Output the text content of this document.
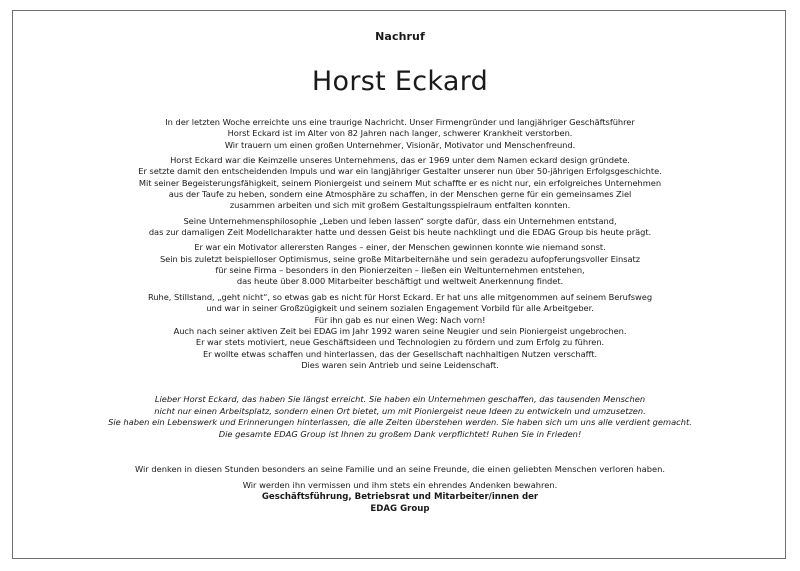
Nachruf
Horst Eckard

In der letzten Woche erreichte uns eine traurige Nachricht. Unser Firmengründer und langjähriger Geschäftsführer
Horst Eckard ist im Alter von 82 Jahren nach langer, schwerer Krankheit verstorben.
Wir trauern um einen großen Unternehmer, Visionär, Motivator und Menschenfreund.

Horst Eckard war die Keimzelle unseres Unternehmens, das er 1969 unter dem Namen eckard design gründete.
Er setzte damit den entscheidenden Impuls und war ein langjähriger Gestalter unserer nun über 50-jährigen Erfolgsgeschichte.
Mit seiner Begeisterungsfähigkeit, seinem Pioniergeist und seinem Mut schaffte er es nicht nur, ein erfolgreiches Unternehmen
aus der Taufe zu heben, sondern eine Atmosphäre zu schaffen, in der Menschen gerne für ein gemeinsames Ziel
zusammen arbeiten und sich mit großem Gestaltungsspielraum entfalten konnten.

Seine Unternehmensphilosophie „Leben und leben lassen“ sorgte dafür, dass ein Unternehmen entstand,
das zur damaligen Zeit Modellcharakter hatte und dessen Geist bis heute nachklingt und die EDAG Group bis heute prägt.

Er war ein Motivator allerersten Ranges – einer, der Menschen gewinnen konnte wie niemand sonst.
Sein bis zuletzt beispielloser Optimismus, seine große Mitarbeiternähe und sein geradezu aufopferungsvoller Einsatz
für seine Firma – besonders in den Pionierzeiten – ließen ein Weltunternehmen entstehen,
das heute über 8.000 Mitarbeiter beschäftigt und weltweit Anerkennung findet.

Ruhe, Stillstand, „geht nicht“, so etwas gab es nicht für Horst Eckard. Er hat uns alle mitgenommen auf seinem Berufsweg
und war in seiner Großzügigkeit und seinem sozialen Engagement Vorbild für alle Arbeitgeber.
Für ihn gab es nur einen Weg: Nach vorn!

Auch nach seiner aktiven Zeit bei EDAG im Jahr 1992 waren seine Neugier und sein Pioniergeist ungebrochen.
Er war stets motiviert, neue Geschäftsideen und Technologien zu fördern und zum Erfolg zu führen.
Er wollte etwas schaffen und hinterlassen, das der Gesellschaft nachhaltigen Nutzen verschafft.
Dies waren sein Antrieb und seine Leidenschaft.

Lieber Horst Eckard, das haben Sie längst erreicht. Sie haben ein Unternehmen geschaffen, das tausenden Menschen
nicht nur einen Arbeitsplatz, sondern einen Ort bietet, um mit Pioniergeist neue Ideen zu entwickeln und umzusetzen.
Sie haben ein Lebenswerk und Erinnerungen hinterlassen, die alle Zeiten überstehen werden. Sie haben sich um uns alle verdient gemacht.
Die gesamte EDAG Group ist Ihnen zu großem Dank verpflichtet! Ruhen Sie in Frieden!
Wir denken in diesen Stunden besonders an seine Familie und an seine Freunde, die einen geliebten Menschen verloren haben.
Wir werden ihn vermissen und ihm stets ein ehrendes Andenken bewahren.
Geschäftsführung, Betriebsrat und Mitarbeiter/innen der
EDAG Group
